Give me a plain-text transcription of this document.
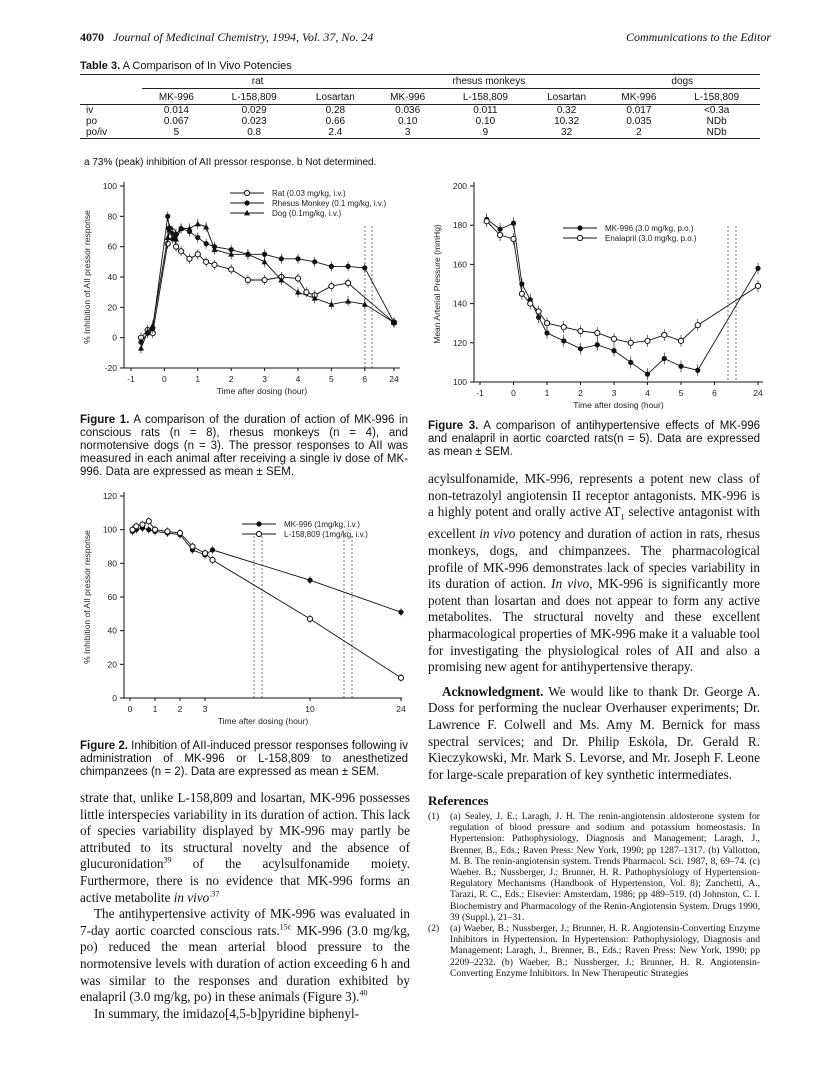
4070 Journal of Medicinal Chemistry, 1994, Vol. 37, No. 24	Communications to the Editor
Table 3. A Comparison of In Vivo Potencies

	rat			rhesus monkeys			dogs	
	MK-996	L-158,809	Losartan	MK-996	L-158,809	Losartan	MK-996	L-158,809
iv	0.014	0.029	0.28	0.036	0.011	0.32	0.017	<0.3a
po	0.067	0.023	0.66	0.10	0.10	10.32	0.035	NDb
po/iv	5	0.8	2.4	3	9	32	2	NDb
a 73% (peak) inhibition of AII pressor response. b Not determined.
-20
0
20
40
60
80
100
-1	0	1	2	3	4	5	6	24
Time after dosing (hour)
% Inhibition of AII pressor response
Rat (0.03 mg/kg, i.v.)
Rhesus Monkey (0.1 mg/kg, i.v.)
Dog (0.1mg/kg, i.v.)
Figure 1. A comparison of the duration of action of MK-996 in conscious rats (n = 8), rhesus monkeys (n = 4), and normotensive dogs (n = 3). The pressor responses to AII was measured in each animal after receiving a single iv dose of MK-996. Data are expressed as mean ± SEM.
0
20
40
60
80
100
120
0 1 2 3	10	24
Time after dosing (hour)
% Inhibition of AII pressor response
MK-996 (1mg/kg, i.v.)
L-158,809 (1mg/kg, i.v.)
Figure 2. Inhibition of AII-induced pressor responses following iv administration of MK-996 or L-158,809 to anesthetized chimpanzees (n = 2). Data are expressed as mean ± SEM.
100
120
140
160
180
200
-1	0	1	2	3	4	5	6	24
Time after dosing (hour)
Mean Arterial Pressure (mmHg)	MK-996 (3.0 mg/kg, p.o.)
Enalapril (3.0 mg/kg, p.o.)
Figure 3. A comparison of antihypertensive effects of MK-996 and enalapril in aortic coarcted rats(n = 5). Data are expressed as mean ± SEM.

strate that, unlike L-158,809 and losartan, MK-996 possesses little interspecies variability in its duration of action. This lack of species variability displayed by MK-996 may partly be attributed to its structural novelty and the absence of glucuronidation$^{39}$ of the acylsulfonamide moiety. Furthermore, there is no evidence that MK-996 forms an active metabolite in vivo$^{.37}$

The antihypertensive activity of MK-996 was evaluated in 7-day aortic coarcted conscious rats.$^{15c}$ MK-996 (3.0 mg/kg, po) reduced the mean arterial blood pressure to the normotensive levels with duration of action exceeding 6 h and was similar to the responses and duration exhibited by enalapril (3.0 mg/kg, po) in these animals (Figure 3).$^{40}$

In summary, the imidazo[4,5-b]pyridine biphenyl-

acylsulfonamide, MK-996, represents a potent new class of non-tetrazolyl angiotensin II receptor antagonists. MK-996 is a highly potent and orally active $AT_1$ selective antagonist with excellent in vivo potency and duration of action in rats, rhesus monkeys, dogs, and chimpanzees. The pharmacological profile of MK-996 demonstrates lack of species variability in its duration of action. In vivo, MK-996 is significantly more potent than losartan and does not appear to form any active metabolites. The structural novelty and these excellent pharmacological properties of MK-996 make it a valuable tool for investigating the physiological roles of AII and also a promising new agent for antihypertensive therapy.

Acknowledgment. We would like to thank Dr. George A. Doss for performing the nuclear Overhauser experiments; Dr. Lawrence F. Colwell and Ms. Amy M. Bernick for mass spectral services; and Dr. Philip Eskola, Dr. Gerald R. Kieczykowski, Mr. Mark S. Levorse, and Mr. Joseph F. Leone for large-scale preparation of key synthetic intermediates.

References
(1) (a) Sealey, J. E.; Laragh, J. H. The renin-angiotensin aldosterone system for regulation of blood pressure and sodium and potassium homeostasis. In Hypertension: Pathophysiology, Diagnosis and Management; Laragh, J., Brenner, B., Eds.; Raven Press: New York, 1990; pp 1287–1317. (b) Vallotton, M. B. The renin-angiotensin system. Trends Pharmacol. Sci. 1987, 8, 69–74. (c) Waeber. B.; Nussberger, J.; Brunner, H. R. Pathophysiology of Hypertension-Regulatory Mechanisms (Handbook of Hypertension, Vol. 8); Zanchetti, A., Tarazi, R. C., Eds.; Elsevier: Amsterdam, 1986; pp 489–519. (d) Johnston, C. I. Biochemistry and Pharmacology of the Renin-Angiotensin System. Drugs 1990, 39 (Suppl.), 21–31.
(2) (a) Waeber, B.; Nussberger, J.; Brunner, H. R. Angiotensin-Converting Enzyme Inhibitors in Hypertension. In Hypertension: Pathophysiology, Diagnosis and Management; Laragh, J., Brenner, B., Eds.; Raven Press: New York, 1990; pp 2209–2232. (b) Waeber, B.; Nussberger, J.; Brunner, H. R. Angiotensin-Converting Enzyme Inhibitors. In New Therapeutic Strategies
